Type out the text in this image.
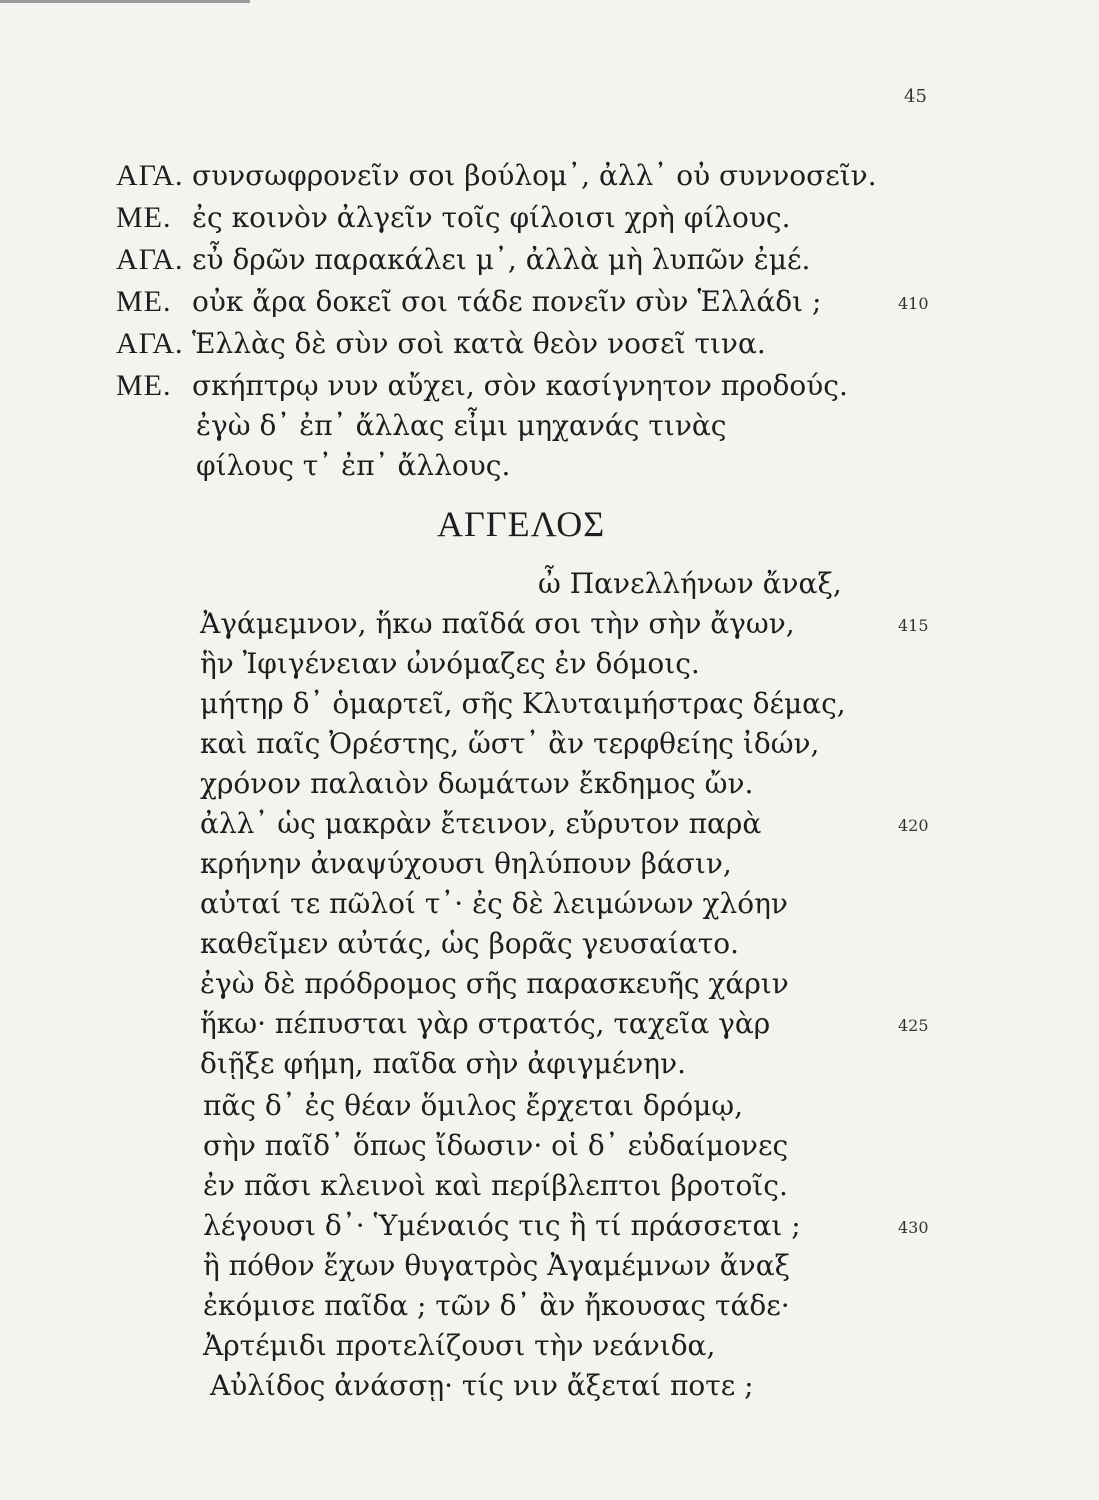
45
ΑΓΑ.
ΜΕ.
ΑΓΑ.
ΜΕ.
ΑΓΑ.
ΜΕ.
συνσωφρονεῖν σοι βούλομ᾽, ἀλλ᾽ οὐ συννοσεῖν.
ἐς κοινὸν ἀλγεῖν τοῖς φίλοισι χρὴ φίλους.
εὖ δρῶν παρακάλει μ᾽, ἀλλὰ μὴ λυπῶν ἐμέ.
οὐκ ἄρα δοκεῖ σοι τάδε πονεῖν σὺν Ἑλλάδι ;
Ἑλλὰς δὲ σὺν σοὶ κατὰ θεὸν νοσεῖ τινα.
σκήπτρῳ νυν αὔχει, σὸν κασίγνητον προδούς.
ἐγὼ δ᾽ ἐπ᾽ ἄλλας εἶμι μηχανάς τινὰς
φίλους τ᾽ ἐπ᾽ ἄλλους.
ΑΓΓΕΛΟΣ
ὦ Πανελλήνων ἄναξ,
Ἀγάμεμνον, ἥκω παῖδά σοι τὴν σὴν ἄγων,
ἣν Ἰφιγένειαν ὠνόμαζες ἐν δόμοις.
μήτηρ δ᾽ ὁμαρτεῖ, σῆς Κλυταιμήστρας δέμας,
καὶ παῖς Ὀρέστης, ὥστ᾽ ἂν τερφθείης ἰδών,
χρόνον παλαιὸν δωμάτων ἔκδημος ὤν.
ἀλλ᾽ ὡς μακρὰν ἔτεινον, εὔρυτον παρὰ
κρήνην ἀναψύχουσι θηλύπουν βάσιν,
αὐταί τε πῶλοί τ᾽· ἐς δὲ λειμώνων χλόην
καθεῖμεν αὐτάς, ὡς βορᾶς γευσαίατο.
ἐγὼ δὲ πρόδρομος σῆς παρασκευῆς χάριν
ἥκω· πέπυσται γὰρ στρατός, ταχεῖα γὰρ
διῇξε φήμη, παῖδα σὴν ἀφιγμένην.
πᾶς δ᾽ ἐς θέαν ὅμιλος ἔρχεται δρόμῳ,
σὴν παῖδ᾽ ὅπως ἴδωσιν· οἱ δ᾽ εὐδαίμονες
ἐν πᾶσι κλεινοὶ καὶ περίβλεπτοι βροτοῖς.
λέγουσι δ᾽· Ὑμέναιός τις ἢ τί πράσσεται ;
ἢ πόθον ἔχων θυγατρὸς Ἀγαμέμνων ἄναξ
ἐκόμισε παῖδα ; τῶν δ᾽ ἂν ἤκουσας τάδε·
Ἀρτέμιδι προτελίζουσι τὴν νεάνιδα,
Αὐλίδος ἀνάσσῃ· τίς νιν ἄξεταί ποτε ;
410
415
420
425
430
